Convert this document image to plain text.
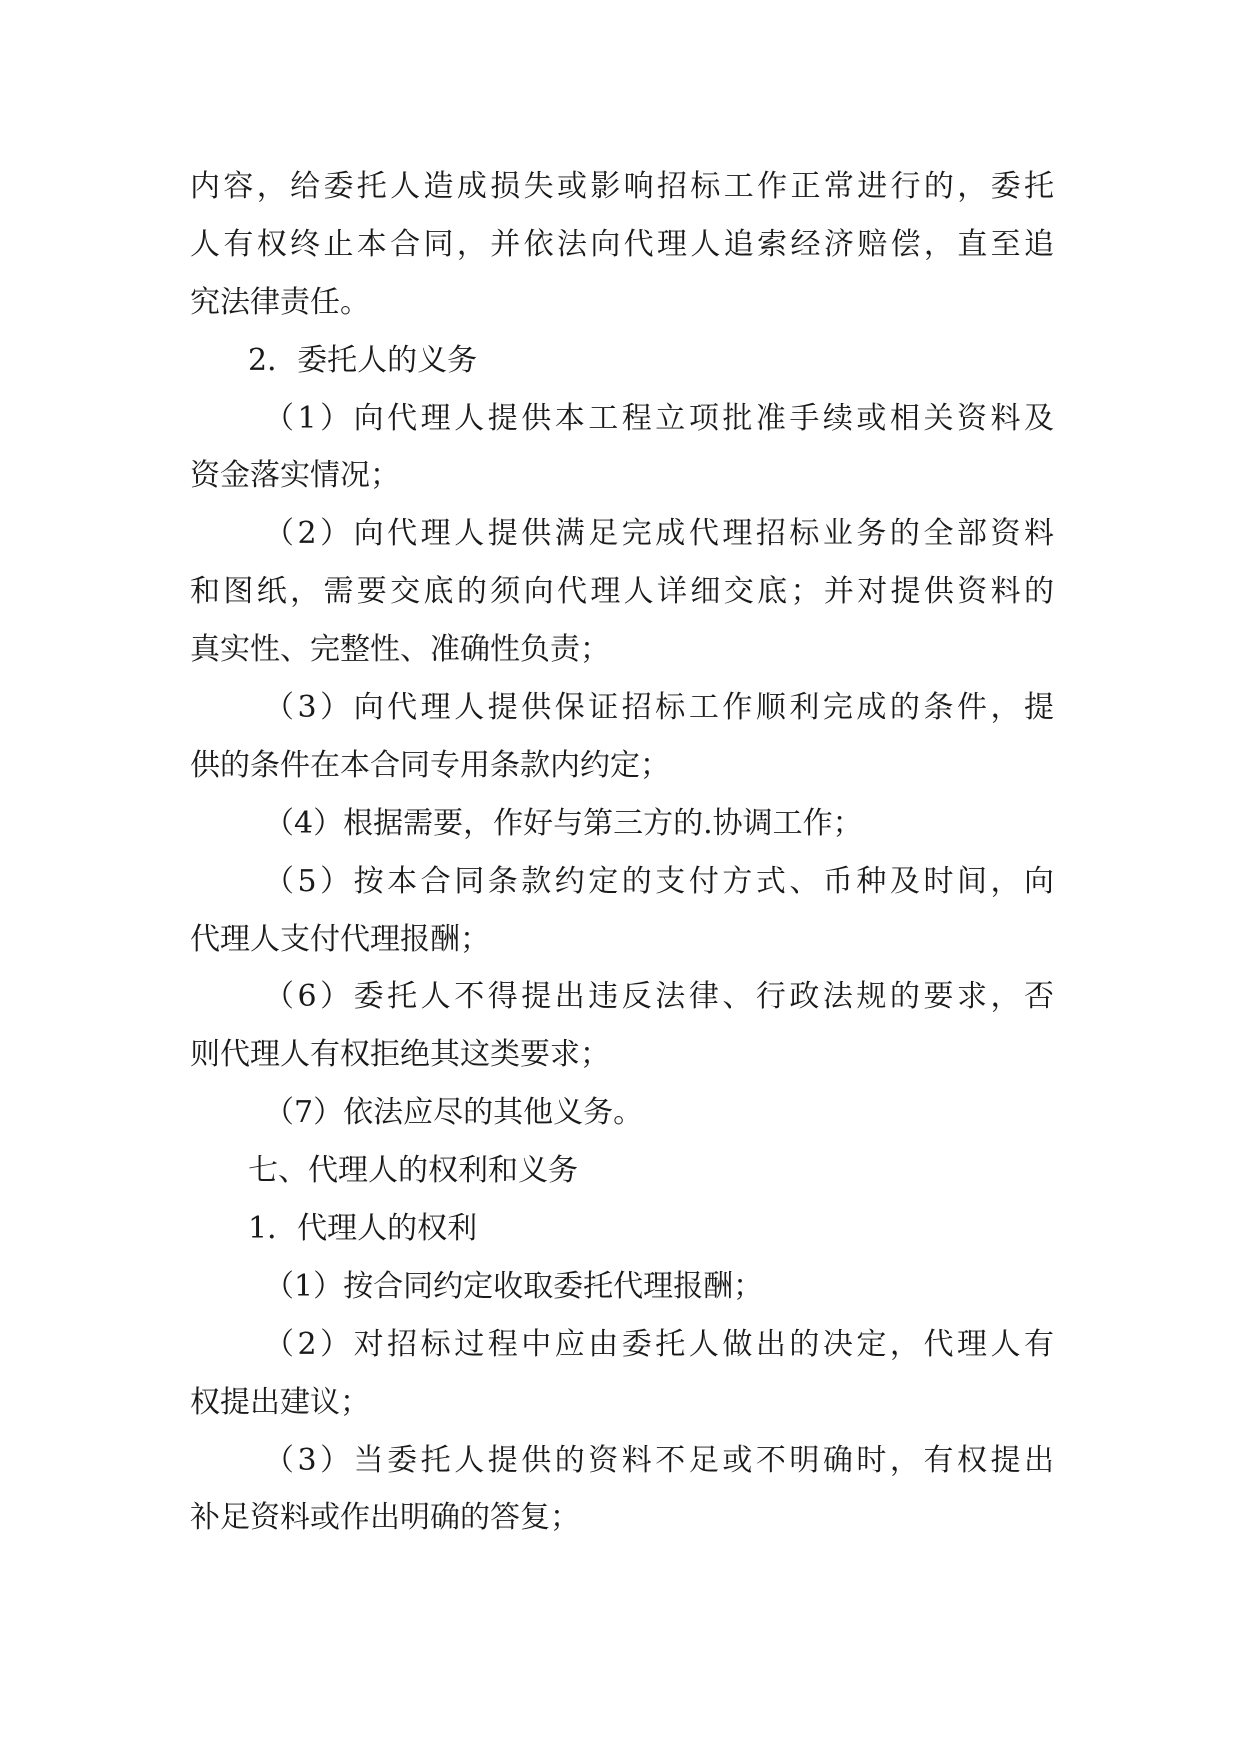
内容，给委托人造成损失或影响招标工作正常进行的，委托
人有权终止本合同，并依法向代理人追索经济赔偿，直至追
究法律责任。
2．委托人的义务
（1）向代理人提供本工程立项批准手续或相关资料及
资金落实情况；
（2）向代理人提供满足完成代理招标业务的全部资料
和图纸，需要交底的须向代理人详细交底；并对提供资料的
真实性、完整性、准确性负责；
（3）向代理人提供保证招标工作顺利完成的条件，提
供的条件在本合同专用条款内约定；
（4）根据需要，作好与第三方的.协调工作；
（5）按本合同条款约定的支付方式、币种及时间，向
代理人支付代理报酬；
（6）委托人不得提出违反法律、行政法规的要求，否
则代理人有权拒绝其这类要求；
（7）依法应尽的其他义务。
七、代理人的权利和义务
1．代理人的权利
（1）按合同约定收取委托代理报酬；
（2）对招标过程中应由委托人做出的决定，代理人有
权提出建议；
（3）当委托人提供的资料不足或不明确时，有权提出
补足资料或作出明确的答复；
